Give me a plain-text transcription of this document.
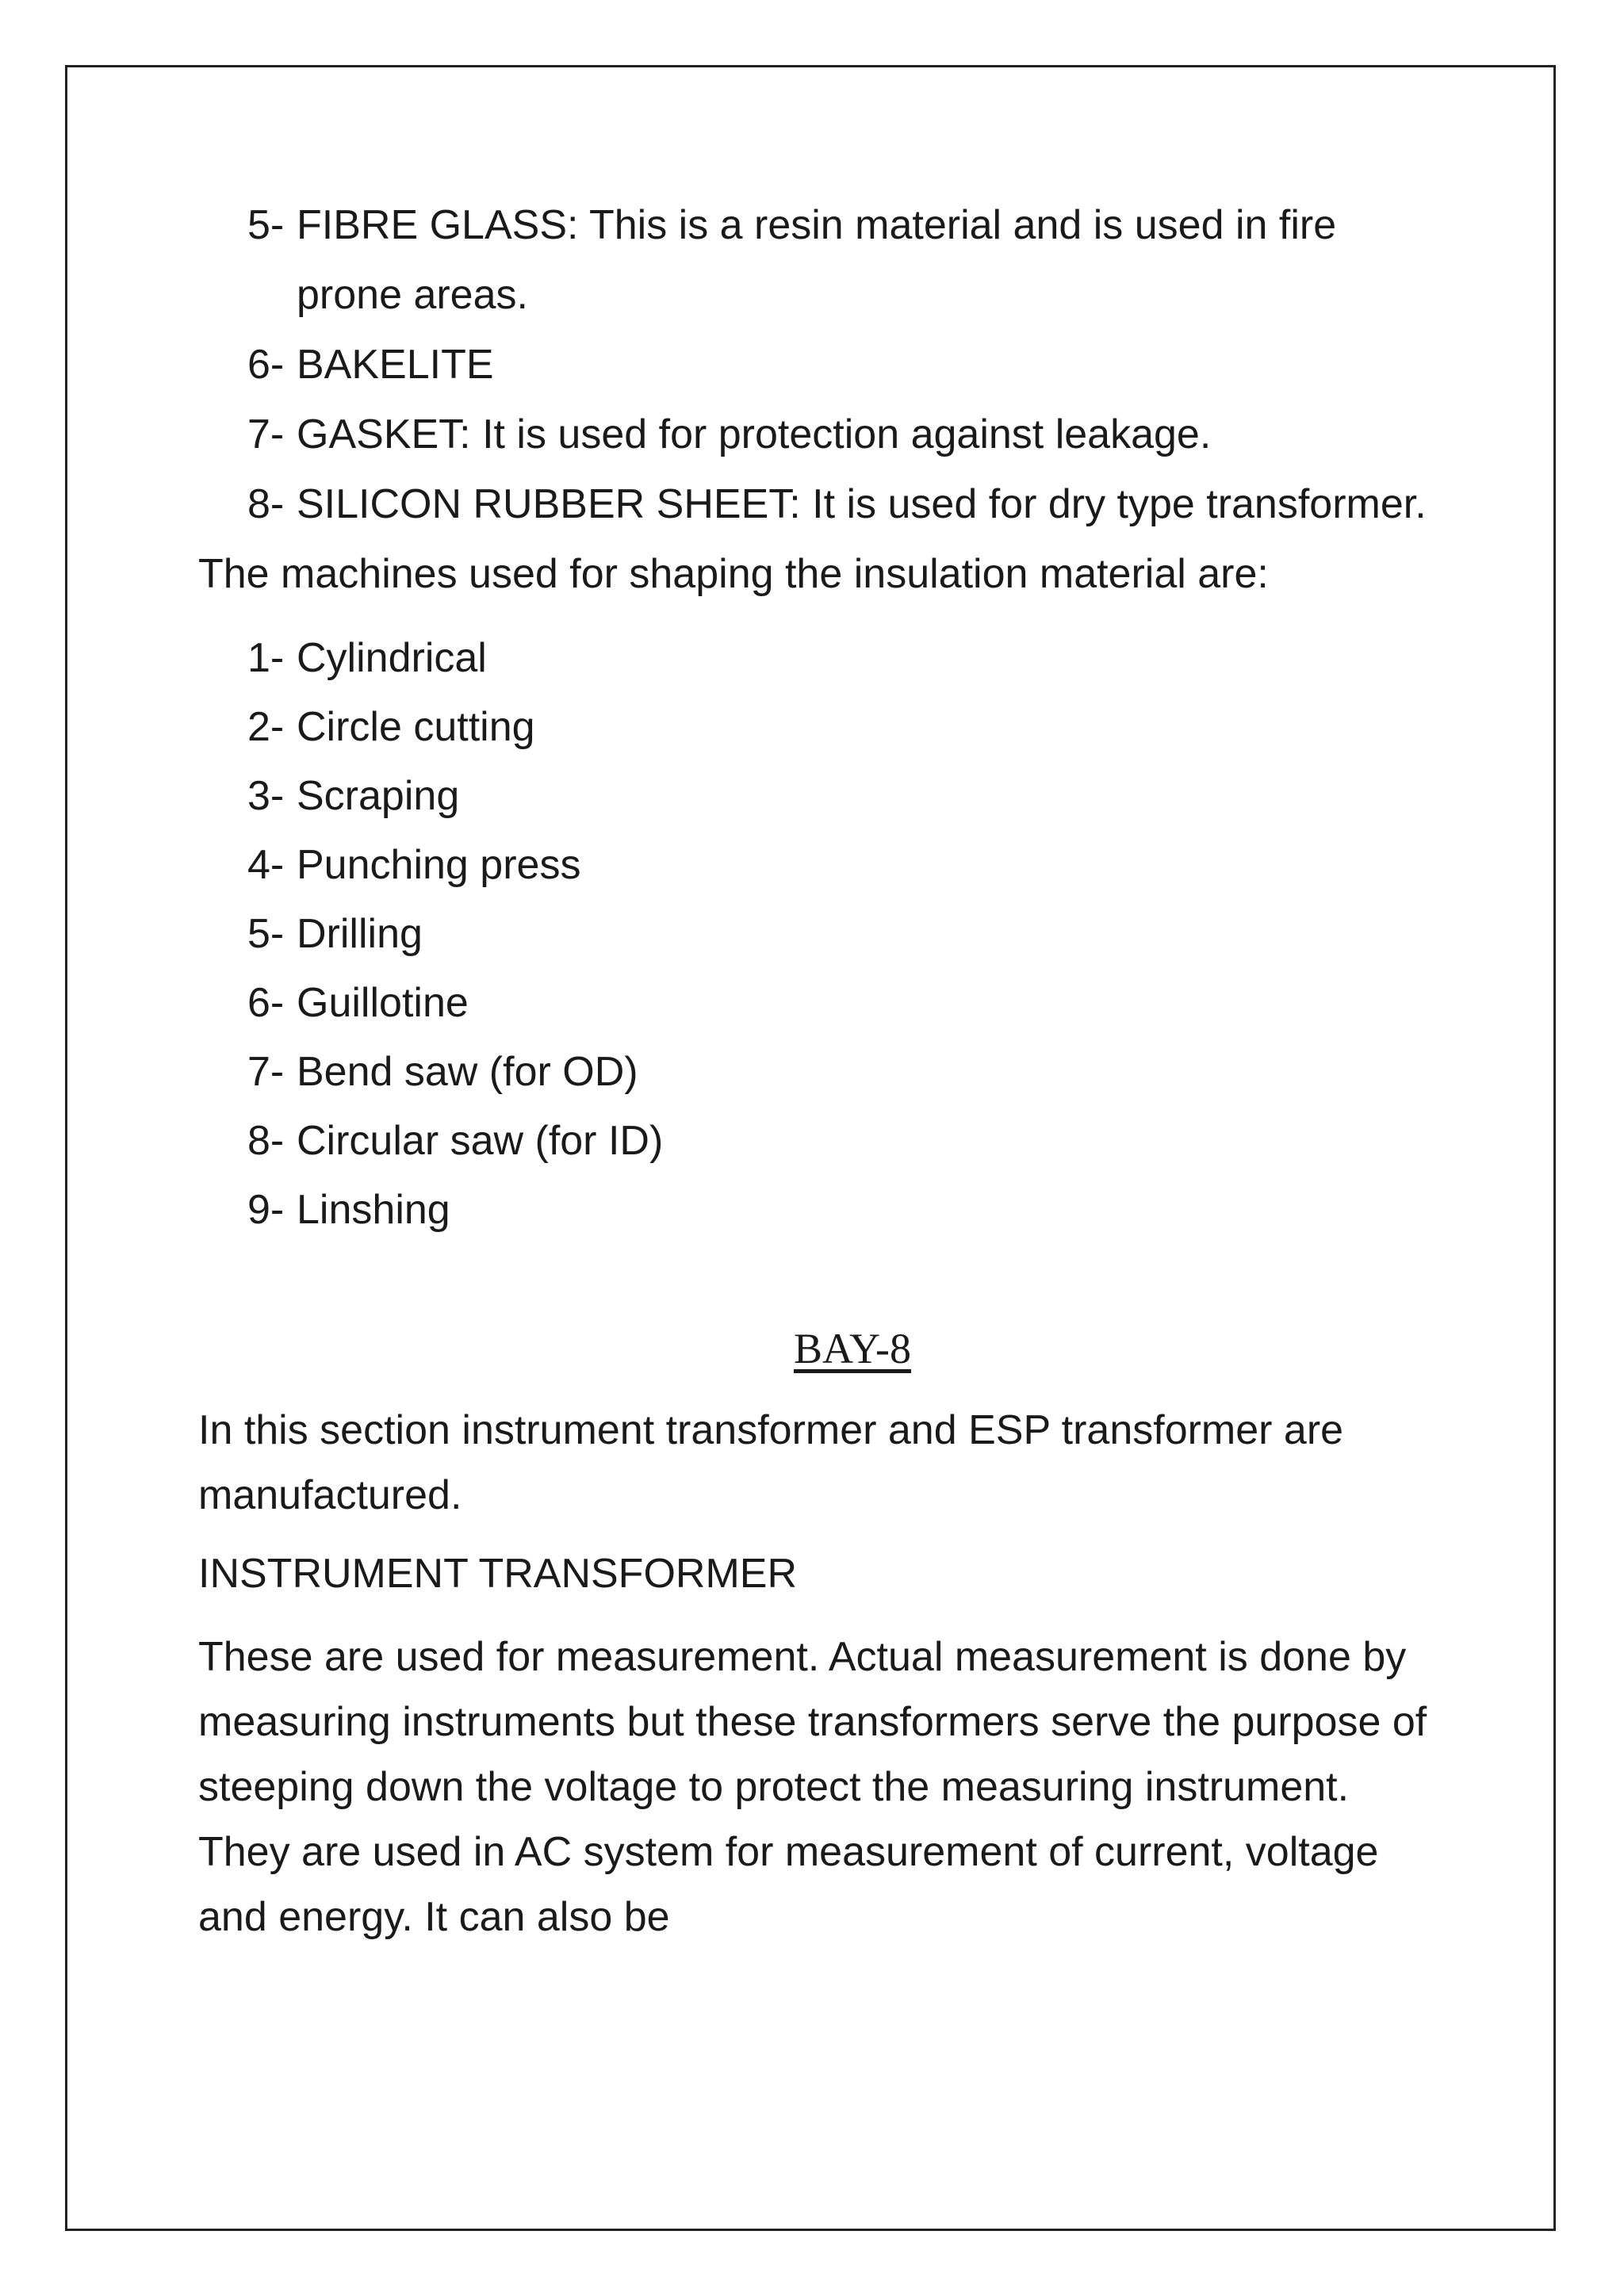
5- FIBRE GLASS: This is a resin material and is used in fire prone areas.
6- BAKELITE
7- GASKET: It is used for protection against leakage.
8- SILICON RUBBER SHEET: It is used for dry type transformer.

The machines used for shaping the insulation material are:

1- Cylindrical
2- Circle cutting
3- Scraping
4- Punching press
5- Drilling
6- Guillotine
7- Bend saw (for OD)
8- Circular saw (for ID)
9- Linshing
BAY-8

In this section instrument transformer and ESP transformer are manufactured.

INSTRUMENT TRANSFORMER

These are used for measurement. Actual measurement is done by measuring instruments but these transformers serve the purpose of steeping down the voltage to protect the measuring instrument. They are used in AC system for measurement of current, voltage and energy. It can also be
